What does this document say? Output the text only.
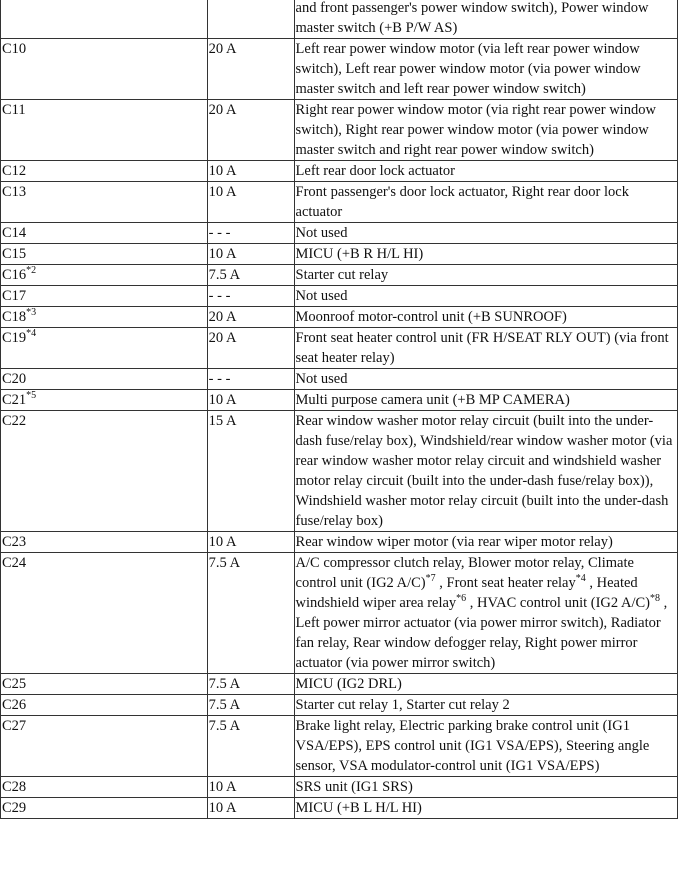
		and front passenger's power window switch), Power window master switch (+B P/W AS)
C10	20 A	Left rear power window motor (via left rear power window switch), Left rear power window motor (via power window master switch and left rear power window switch)
C11	20 A	Right rear power window motor (via right rear power window switch), Right rear power window motor (via power window master switch and right rear power window switch)
C12	10 A	Left rear door lock actuator
C13	10 A	Front passenger's door lock actuator, Right rear door lock actuator
C14	- - -	Not used
C15	10 A	MICU (+B R H/L HI)
C16$^{*2}$	7.5 A	Starter cut relay
C17	- - -	Not used
C18$^{*3}$	20 A	Moonroof motor-control unit (+B SUNROOF)
C19$^{*4}$	20 A	Front seat heater control unit (FR H/SEAT RLY OUT) (via front seat heater relay)
C20	- - -	Not used
C21$^{*5}$	10 A	Multi purpose camera unit (+B MP CAMERA)
C22	15 A	Rear window washer motor relay circuit (built into the under-dash fuse/relay box), Windshield/rear window washer motor (via rear window washer motor relay circuit and windshield washer motor relay circuit (built into the under-dash fuse/relay box)), Windshield washer motor relay circuit (built into the under-dash fuse/relay box)
C23	10 A	Rear window wiper motor (via rear wiper motor relay)
C24	7.5 A	A/C compressor clutch relay, Blower motor relay, Climate control unit (IG2 A/C)$^{*7}$ , Front seat heater relay$^{*4}$ , Heated windshield wiper area relay$^{*6}$ , HVAC control unit (IG2 A/C)$^{*8}$ , Left power mirror actuator (via power mirror switch), Radiator fan relay, Rear window defogger relay, Right power mirror actuator (via power mirror switch)
C25	7.5 A	MICU (IG2 DRL)
C26	7.5 A	Starter cut relay 1, Starter cut relay 2
C27	7.5 A	Brake light relay, Electric parking brake control unit (IG1 VSA/EPS), EPS control unit (IG1 VSA/EPS), Steering angle sensor, VSA modulator-control unit (IG1 VSA/EPS)
C28	10 A	SRS unit (IG1 SRS)
C29	10 A	MICU (+B L H/L HI)
